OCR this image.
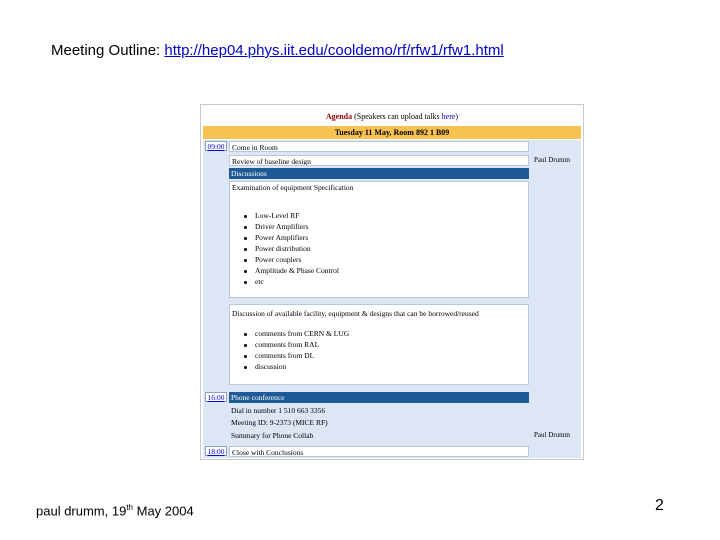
Meeting Outline: http://hep04.phys.iit.edu/cooldemo/rf/rfw1/rfw1.html
Agenda (Speakers can upload talks here)
Tuesday 11 May, Room 892 1 B09
09:00 Come in Room
Review of baseline design	Paul Drumm
Discussions
Examination of equipment Specification
Low-Level RF
Driver Amplifiers
Power Amplifiers
Power distribution
Power couplers
Amplitude & Phase Control
etc
Discussion of available facility, equipment & designs that can be borrowed/reused
comments from CERN & LUG
comments from RAL
comments from DL
discussion
16:00 Phone conference
Dial in number 1 510 663 3356
Meeting ID: 9-2373 (MICE RF)
Summary for Phone Collab	Paul Drumm
18:00 Close with Conclusions
paul drumm, 19th May 2004	2
